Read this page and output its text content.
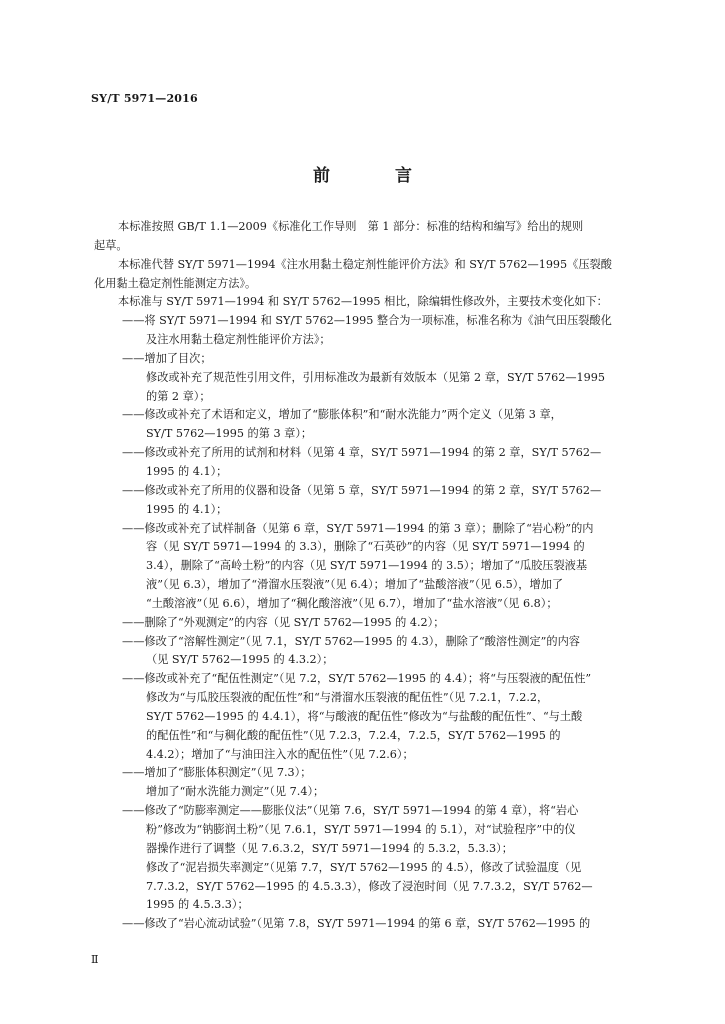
SY/T 5971—2016
前　言

本标准按照 GB/T 1.1—2009《标准化工作导则　第 1 部分：标准的结构和编写》给出的规则

起草。

本标准代替 SY/T 5971—1994《注水用黏土稳定剂性能评价方法》和 SY/T 5762—1995《压裂酸

化用黏土稳定剂性能测定方法》。

本标准与 SY/T 5971—1994 和 SY/T 5762—1995 相比，除编辑性修改外，主要技术变化如下：

——将 SY/T 5971—1994 和 SY/T 5762—1995 整合为一项标准，标准名称为《油气田压裂酸化

及注水用黏土稳定剂性能评价方法》；

——增加了目次；

修改或补充了规范性引用文件，引用标准改为最新有效版本（见第 2 章，SY/T 5762—1995

的第 2 章）；

——修改或补充了术语和定义，增加了“膨胀体积”和“耐水洗能力”两个定义（见第 3 章，

SY/T 5762—1995 的第 3 章）；

——修改或补充了所用的试剂和材料（见第 4 章，SY/T 5971—1994 的第 2 章，SY/T 5762—

1995 的 4.1）；

——修改或补充了所用的仪器和设备（见第 5 章，SY/T 5971—1994 的第 2 章，SY/T 5762—

1995 的 4.1）；

——修改或补充了试样制备（见第 6 章，SY/T 5971—1994 的第 3 章）；删除了“岩心粉”的内

容（见 SY/T 5971—1994 的 3.3），删除了“石英砂”的内容（见 SY/T 5971—1994 的

3.4），删除了“高岭土粉”的内容（见 SY/T 5971—1994 的 3.5）；增加了“瓜胶压裂液基

液”（见 6.3），增加了“滑溜水压裂液”（见 6.4）；增加了“盐酸溶液”（见 6.5），增加了

“土酸溶液”（见 6.6），增加了“稠化酸溶液”（见 6.7），增加了“盐水溶液”（见 6.8）；

——删除了“外观测定”的内容（见 SY/T 5762—1995 的 4.2）；

——修改了“溶解性测定”（见 7.1，SY/T 5762—1995 的 4.3），删除了“酸溶性测定”的内容

（见 SY/T 5762—1995 的 4.3.2）；

——修改或补充了“配伍性测定”（见 7.2，SY/T 5762—1995 的 4.4）；将“与压裂液的配伍性”

修改为“与瓜胶压裂液的配伍性”和“与滑溜水压裂液的配伍性”（见 7.2.1，7.2.2，

SY/T 5762—1995 的 4.4.1），将“与酸液的配伍性”修改为“与盐酸的配伍性”、“与土酸

的配伍性”和“与稠化酸的配伍性”（见 7.2.3，7.2.4，7.2.5，SY/T 5762—1995 的

4.4.2）；增加了“与油田注入水的配伍性”（见 7.2.6）；

——增加了“膨胀体积测定”（见 7.3）；

增加了“耐水洗能力测定”（见 7.4）；

——修改了“防膨率测定——膨胀仪法”（见第 7.6，SY/T 5971—1994 的第 4 章），将“岩心

粉”修改为“钠膨润土粉”（见 7.6.1，SY/T 5971—1994 的 5.1），对“试验程序”中的仪

器操作进行了调整（见 7.6.3.2，SY/T 5971—1994 的 5.3.2，5.3.3）；

修改了“泥岩损失率测定”（见第 7.7，SY/T 5762—1995 的 4.5），修改了试验温度（见

7.7.3.2，SY/T 5762—1995 的 4.5.3.3），修改了浸泡时间（见 7.7.3.2，SY/T 5762—

1995 的 4.5.3.3）；

——修改了“岩心流动试验”（见第 7.8，SY/T 5971—1994 的第 6 章，SY/T 5762—1995 的

Ⅱ
